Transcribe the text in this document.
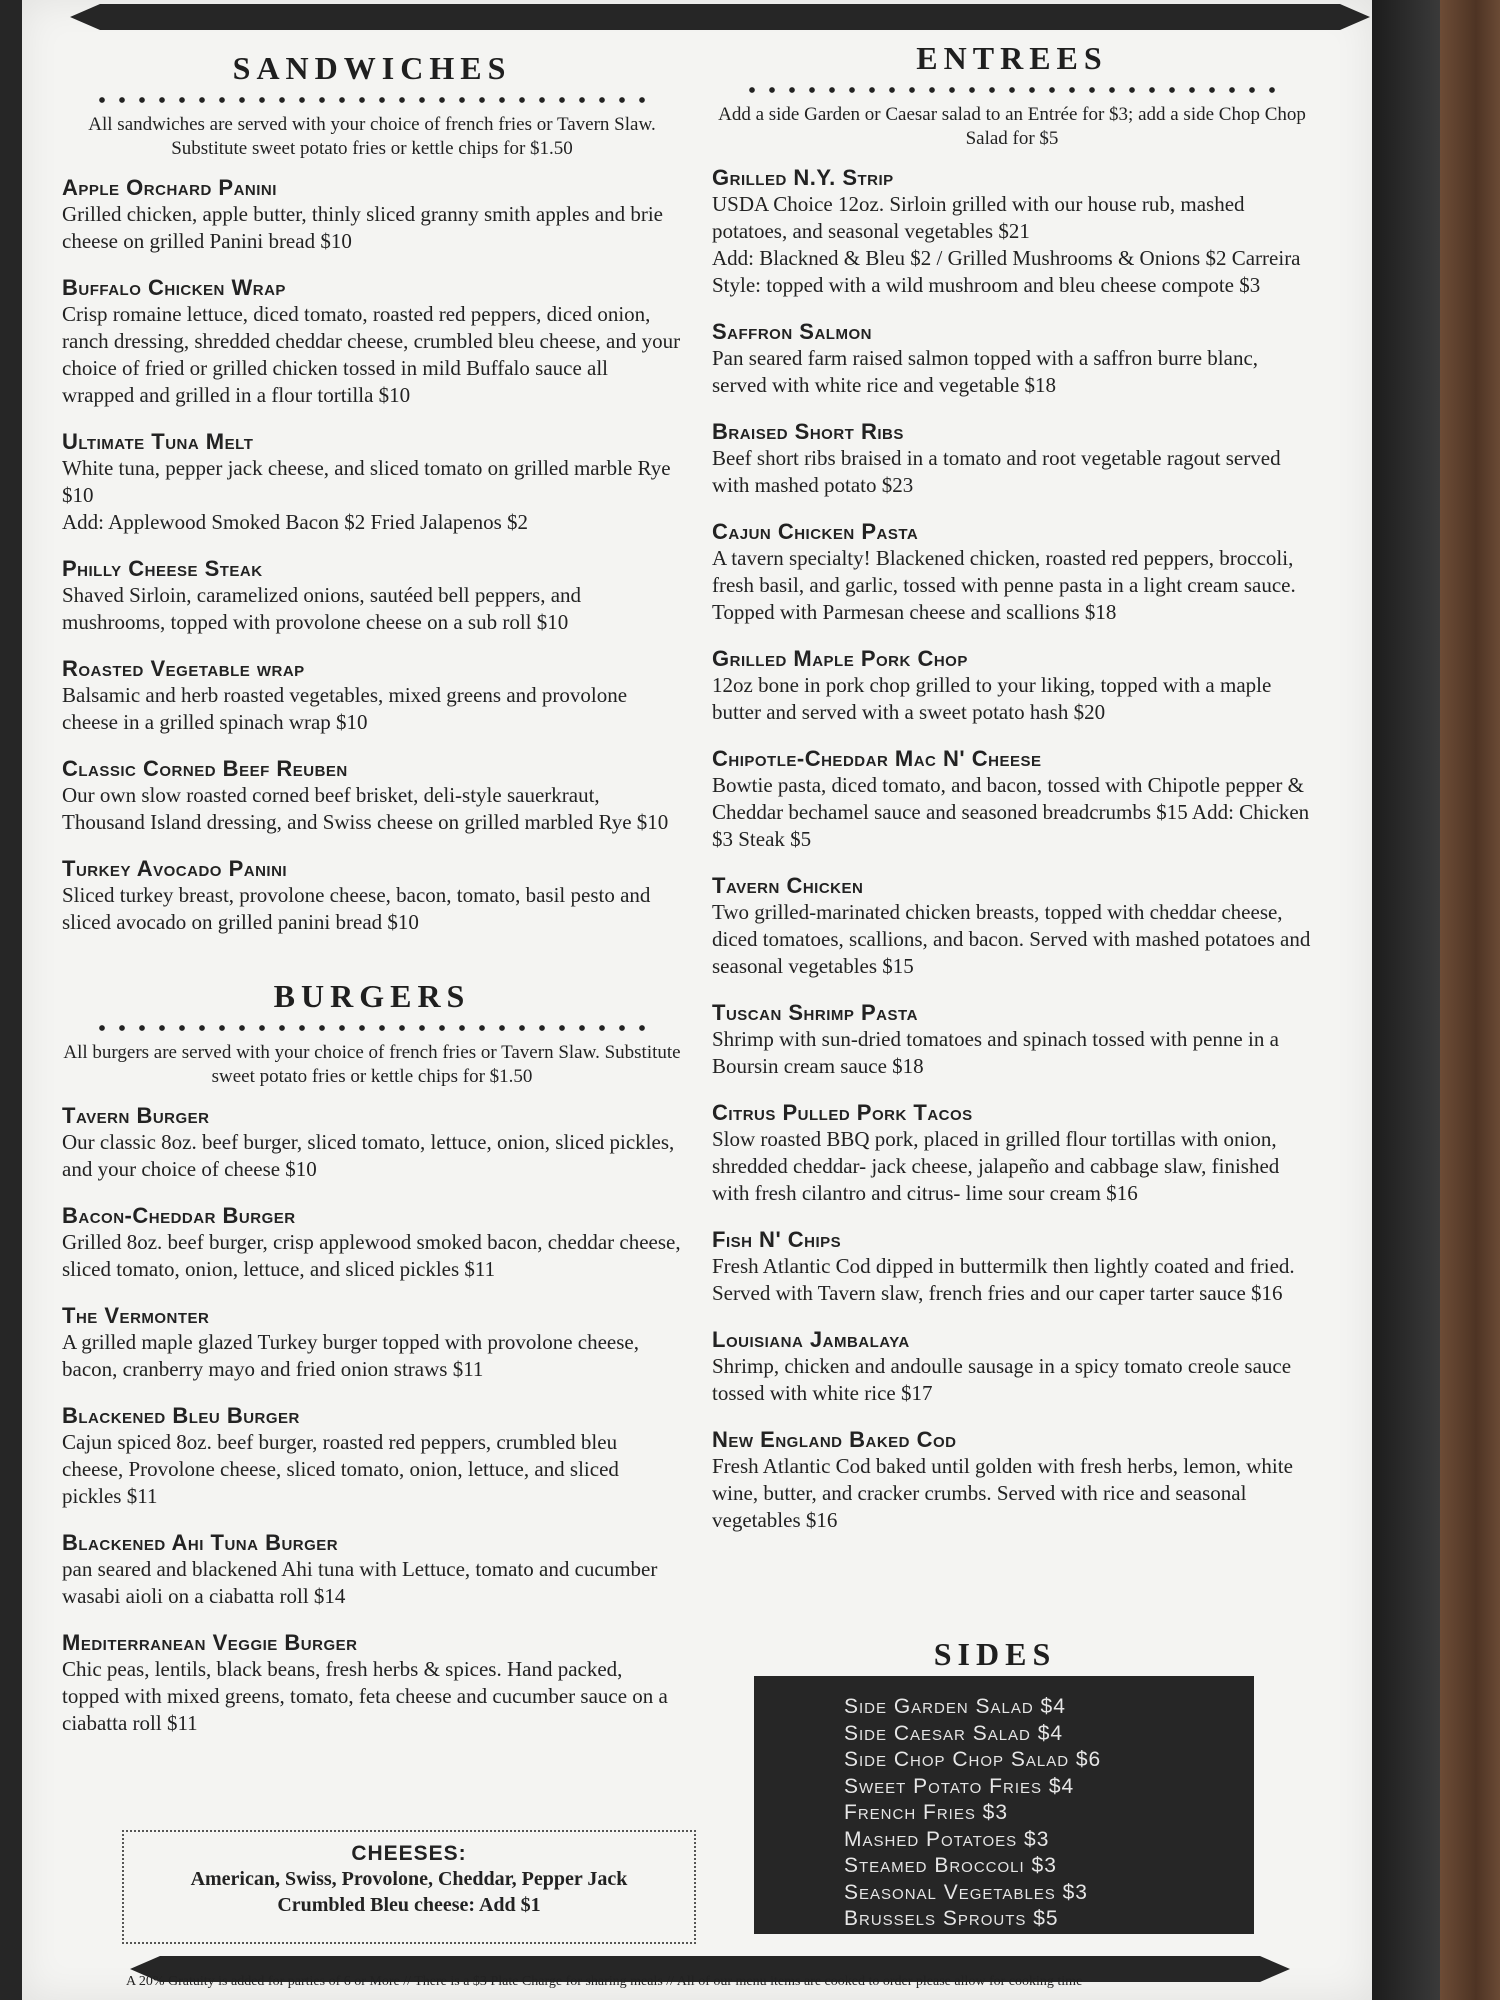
SANDWICHES

All sandwiches are served with your choice of french fries or Tavern Slaw. Substitute sweet potato fries or kettle chips for $1.50

Apple Orchard Panini
Grilled chicken, apple butter, thinly sliced granny smith apples and brie cheese on grilled Panini bread $10
Buffalo Chicken Wrap
Crisp romaine lettuce, diced tomato, roasted red peppers, diced onion, ranch dressing, shredded cheddar cheese, crumbled bleu cheese, and your choice of fried or grilled chicken tossed in mild Buffalo sauce all wrapped and grilled in a flour tortilla $10
Ultimate Tuna Melt
White tuna, pepper jack cheese, and sliced tomato on grilled marble Rye $10
Add: Applewood Smoked Bacon $2 Fried Jalapenos $2
Philly Cheese Steak
Shaved Sirloin, caramelized onions, sautéed bell peppers, and mushrooms, topped with provolone cheese on a sub roll $10
Roasted Vegetable wrap
Balsamic and herb roasted vegetables, mixed greens and provolone cheese in a grilled spinach wrap $10
Classic Corned Beef Reuben
Our own slow roasted corned beef brisket, deli-style sauerkraut, Thousand Island dressing, and Swiss cheese on grilled marbled Rye $10
Turkey Avocado Panini
Sliced turkey breast, provolone cheese, bacon, tomato, basil pesto and sliced avocado on grilled panini bread $10
BURGERS

All burgers are served with your choice of french fries or Tavern Slaw. Substitute sweet potato fries or kettle chips for $1.50

Tavern Burger
Our classic 8oz. beef burger, sliced tomato, lettuce, onion, sliced pickles, and your choice of cheese $10
Bacon-Cheddar Burger
Grilled 8oz. beef burger, crisp applewood smoked bacon, cheddar cheese, sliced tomato, onion, lettuce, and sliced pickles $11
The Vermonter
A grilled maple glazed Turkey burger topped with provolone cheese, bacon, cranberry mayo and fried onion straws $11
Blackened Bleu Burger
Cajun spiced 8oz. beef burger, roasted red peppers, crumbled bleu cheese, Provolone cheese, sliced tomato, onion, lettuce, and sliced pickles $11
Blackened Ahi Tuna Burger
pan seared and blackened Ahi tuna with Lettuce, tomato and cucumber wasabi aioli on a ciabatta roll $14
Mediterranean Veggie Burger
Chic peas, lentils, black beans, fresh herbs & spices. Hand packed, topped with mixed greens, tomato, feta cheese and cucumber sauce on a ciabatta roll $11
CHEESES:
American, Swiss, Provolone, Cheddar, Pepper Jack
Crumbled Bleu cheese: Add $1
ENTREES

Add a side Garden or Caesar salad to an Entrée for $3; add a side Chop Chop Salad for $5

Grilled N.Y. Strip
USDA Choice 12oz. Sirloin grilled with our house rub, mashed potatoes, and seasonal vegetables $21
Add: Blackned & Bleu $2 / Grilled Mushrooms & Onions $2 Carreira Style: topped with a wild mushroom and bleu cheese compote $3
Saffron Salmon
Pan seared farm raised salmon topped with a saffron burre blanc, served with white rice and vegetable $18
Braised Short Ribs
Beef short ribs braised in a tomato and root vegetable ragout served with mashed potato $23
Cajun Chicken Pasta
A tavern specialty! Blackened chicken, roasted red peppers, broccoli, fresh basil, and garlic, tossed with penne pasta in a light cream sauce. Topped with Parmesan cheese and scallions $18
Grilled Maple Pork Chop
12oz bone in pork chop grilled to your liking, topped with a maple butter and served with a sweet potato hash $20
Chipotle-Cheddar Mac N' Cheese
Bowtie pasta, diced tomato, and bacon, tossed with Chipotle pepper & Cheddar bechamel sauce and seasoned breadcrumbs $15 Add: Chicken $3 Steak $5
Tavern Chicken
Two grilled-marinated chicken breasts, topped with cheddar cheese, diced tomatoes, scallions, and bacon. Served with mashed potatoes and seasonal vegetables $15
Tuscan Shrimp Pasta
Shrimp with sun-dried tomatoes and spinach tossed with penne in a Boursin cream sauce $18
Citrus Pulled Pork Tacos
Slow roasted BBQ pork, placed in grilled flour tortillas with onion, shredded cheddar- jack cheese, jalapeño and cabbage slaw, finished with fresh cilantro and citrus- lime sour cream $16
Fish N' Chips
Fresh Atlantic Cod dipped in buttermilk then lightly coated and fried. Served with Tavern slaw, french fries and our caper tarter sauce $16
Louisiana Jambalaya
Shrimp, chicken and andoulle sausage in a spicy tomato creole sauce tossed with white rice $17
New England Baked Cod
Fresh Atlantic Cod baked until golden with fresh herbs, lemon, white wine, butter, and cracker crumbs. Served with rice and seasonal vegetables $16
SIDES
Side Garden Salad $4
Side Caesar Salad $4
Side Chop Chop Salad $6
Sweet Potato Fries $4
French Fries $3
Mashed Potatoes $3
Steamed Broccoli $3
Seasonal Vegetables $3
Brussels Sprouts $5
A 20% Gratuity is added for parties of 6 or More // There is a $3 Plate Charge for sharing meals // All of our menu items are cooked to order please allow for cooking time
